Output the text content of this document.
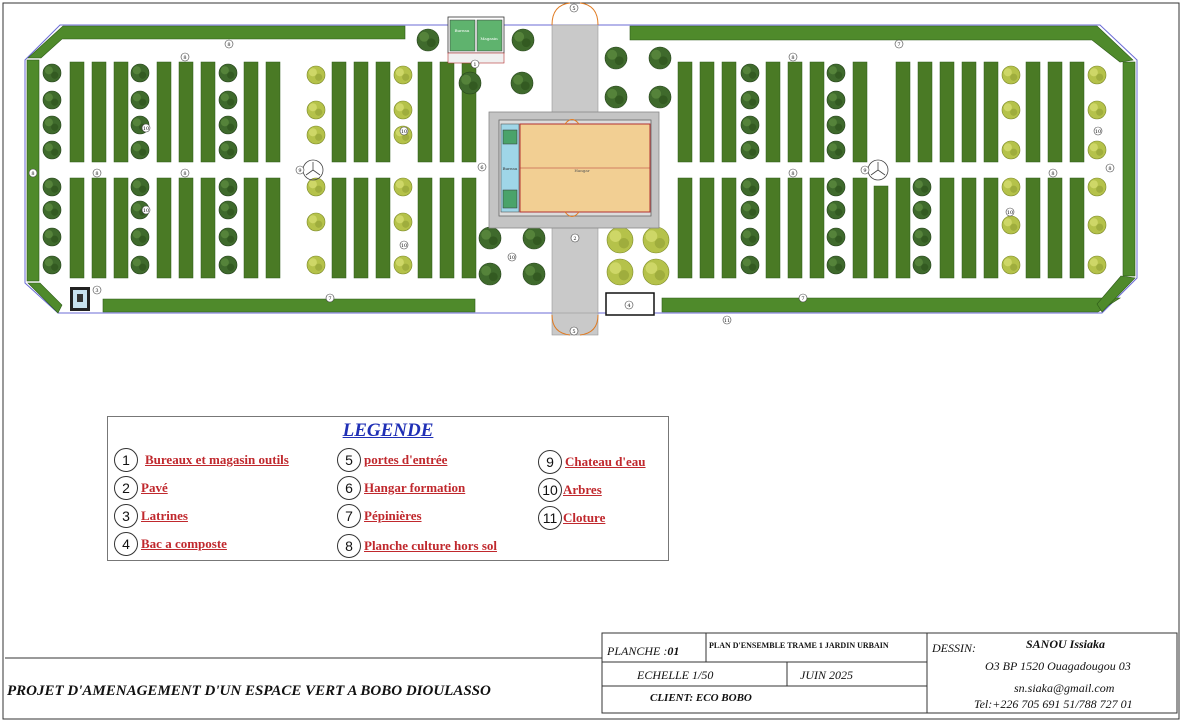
Hangar
Bureau
Bureau
Magasin
8
8
8	8
8
8	8
8
8
11
7	7
7
5
5
10	10
10
10
10
10
10
9	9
2
4
3
1
6
LEGENDE
1	Bureaux et magasin outils
2 Pavé
3 Latrines
4 Bac a composte
5 portes d'entrée
6 Hangar formation
7 Pépinières
8 Planche culture hors sol
9 Chateau d'eau
10 Arbres
11 Cloture
PROJET D'AMENAGEMENT D'UN ESPACE VERT A BOBO DIOULASSO
PLANCHE :01	PLAN D'ENSEMBLE TRAME 1 JARDIN URBAIN
ECHELLE 1/50	JUIN 2025
CLIENT: ECO BOBO
DESSIN:	SANOU Issiaka
O3 BP 1520 Ouagadougou 03
sn.siaka@gmail.com
Tel:+226 705 691 51/788 727 01
